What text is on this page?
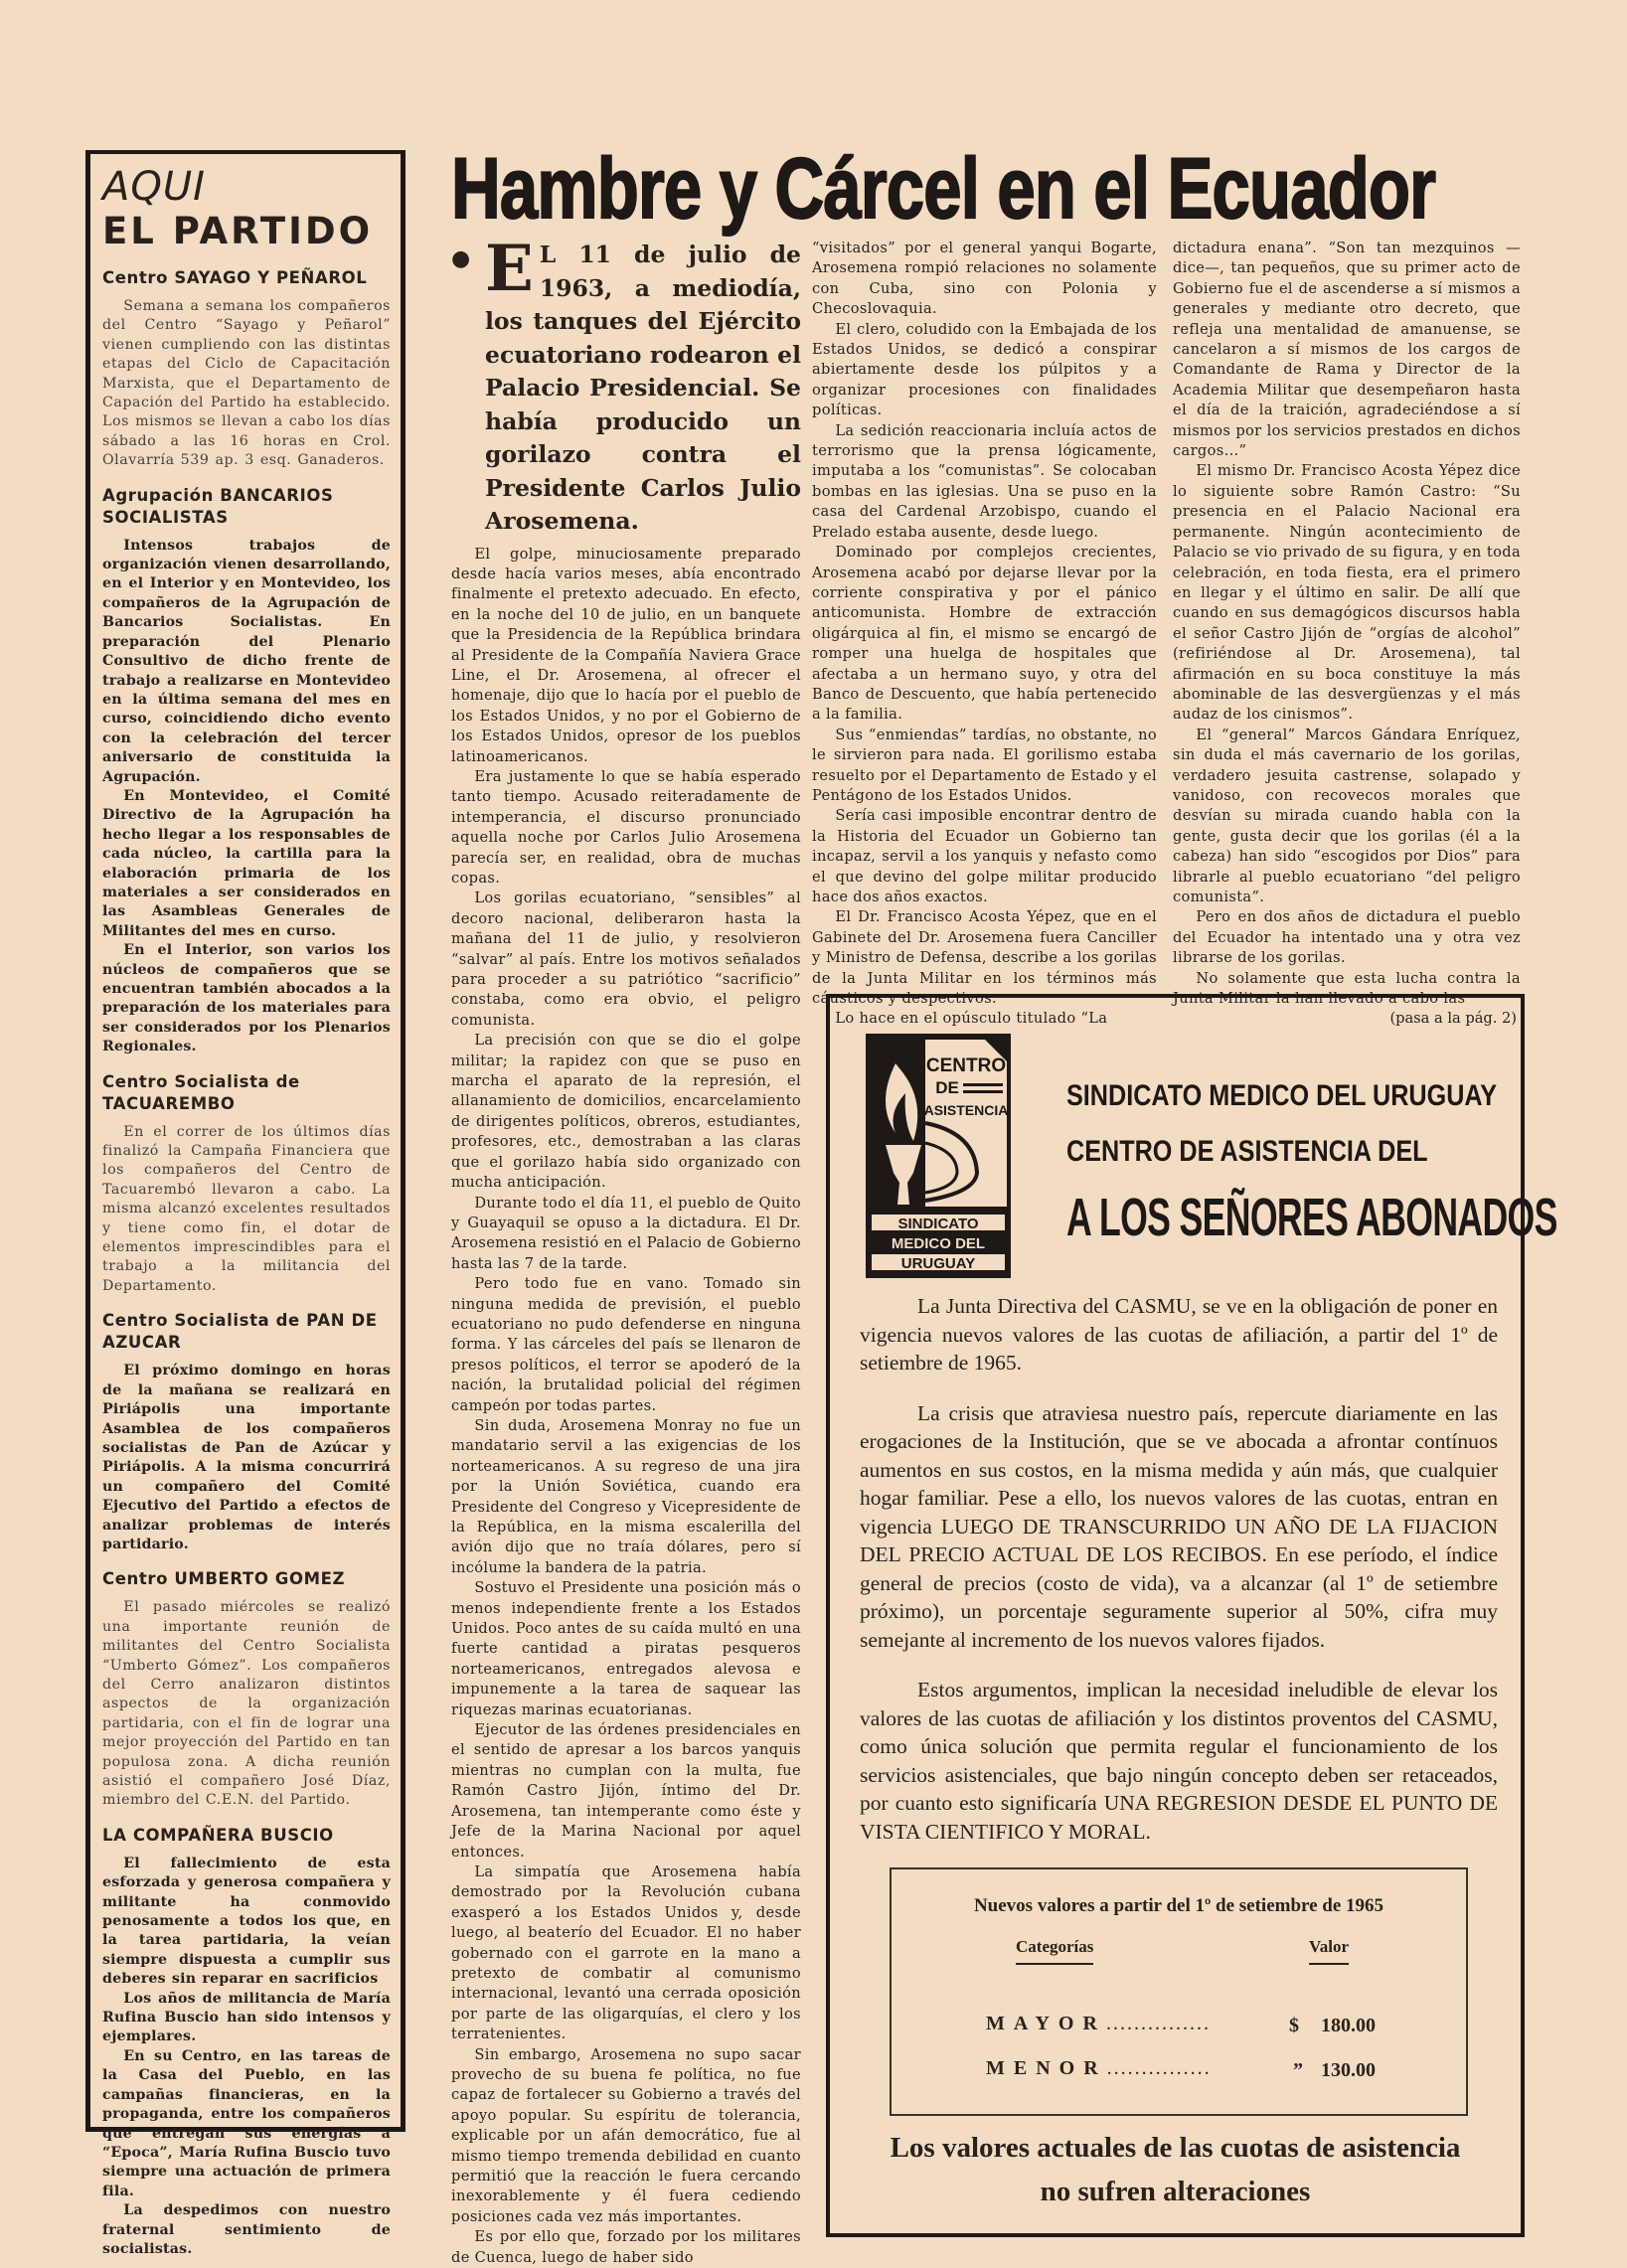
AQUI
EL PARTIDO
Centro SAYAGO Y PEÑAROL

Semana a semana los compañeros del Centro “Sayago y Peñarol” vienen cumpliendo con las distintas etapas del Ciclo de Capacitación Marxista, que el Departamento de Capación del Partido ha establecido. Los mismos se llevan a cabo los días sábado a las 16 horas en Crol. Olavarría 539 ap. 3 esq. Ganaderos.

Agrupación BANCARIOS SOCIALISTAS

Intensos trabajos de organización vienen desarrollando, en el Interior y en Montevideo, los compañeros de la Agrupación de Bancarios Socialistas. En preparación del Plenario Consultivo de dicho frente de trabajo a realizarse en Montevideo en la última semana del mes en curso, coincidiendo dicho evento con la celebración del tercer aniversario de constituida la Agrupación.

En Montevideo, el Comité Directivo de la Agrupación ha hecho llegar a los responsables de cada núcleo, la cartilla para la elaboración primaria de los materiales a ser considerados en las Asambleas Generales de Militantes del mes en curso.

En el Interior, son varios los núcleos de compañeros que se encuentran también abocados a la preparación de los materiales para ser considerados por los Plenarios Regionales.

Centro Socialista de TACUAREMBO

En el correr de los últimos días finalizó la Campaña Financiera que los compañeros del Centro de Tacuarembó llevaron a cabo. La misma alcanzó excelentes resultados y tiene como fin, el dotar de elementos imprescindibles para el trabajo a la militancia del Departamento.

Centro Socialista de PAN DE AZUCAR

El próximo domingo en horas de la mañana se realizará en Piriápolis una importante Asamblea de los compañeros socialistas de Pan de Azúcar y Piriápolis. A la misma concurrirá un compañero del Comité Ejecutivo del Partido a efectos de analizar problemas de interés partidario.

Centro UMBERTO GOMEZ

El pasado miércoles se realizó una importante reunión de militantes del Centro Socialista “Umberto Gómez”. Los compañeros del Cerro analizaron distintos aspectos de la organización partidaria, con el fin de lograr una mejor proyección del Partido en tan populosa zona. A dicha reunión asistió el compañero José Díaz, miembro del C.E.N. del Partido.

LA COMPAÑERA BUSCIO

El fallecimiento de esta esforzada y generosa compañera y militante ha conmovido penosamente a todos los que, en la tarea partidaria, la veían siempre dispuesta a cumplir sus deberes sin reparar en sacrificios

Los años de militancia de María Rufina Buscio han sido intensos y ejemplares.

En su Centro, en las tareas de la Casa del Pueblo, en las campañas financieras, en la propaganda, entre los compañeros que entregan sus energías a “Epoca”, María Rufina Buscio tuvo siempre una actuación de primera fila.

La despedimos con nuestro fraternal sentimiento de socialistas.

Hambre y Cárcel en el Ecuador
● E L 11 de julio de 1963, a mediodía, los tanques del Ejército ecuatoriano rodearon el Palacio Presidencial. Se había producido un gorilazo contra el Presidente Carlos Julio Arosemena.

El golpe, minuciosamente preparado desde hacía varios meses, abía encontrado finalmente el pretexto adecuado. En efecto, en la noche del 10 de julio, en un banquete que la Presidencia de la República brindara al Presidente de la Compañía Naviera Grace Line, el Dr. Arosemena, al ofrecer el homenaje, dijo que lo hacía por el pueblo de los Estados Unidos, y no por el Gobierno de los Estados Unidos, opresor de los pueblos latinoamericanos.

Era justamente lo que se había esperado tanto tiempo. Acusado reiteradamente de intemperancia, el discurso pronunciado aquella noche por Carlos Julio Arosemena parecía ser, en realidad, obra de muchas copas.

Los gorilas ecuatoriano, “sensibles” al decoro nacional, deliberaron hasta la mañana del 11 de julio, y resolvieron “salvar” al país. Entre los motivos señalados para proceder a su patriótico “sacrificio” constaba, como era obvio, el peligro comunista.

La precisión con que se dio el golpe militar; la rapidez con que se puso en marcha el aparato de la represión, el allanamiento de domicilios, encarcelamiento de dirigentes políticos, obreros, estudiantes, profesores, etc., demostraban a las claras que el gorilazo había sido organizado con mucha anticipación.

Durante todo el día 11, el pueblo de Quito y Guayaquil se opuso a la dictadura. El Dr. Arosemena resistió en el Palacio de Gobierno hasta las 7 de la tarde.

Pero todo fue en vano. Tomado sin ninguna medida de previsión, el pueblo ecuatoriano no pudo defenderse en ninguna forma. Y las cárceles del país se llenaron de presos políticos, el terror se apoderó de la nación, la brutalidad policial del régimen campeón por todas partes.

Sin duda, Arosemena Monray no fue un mandatario servil a las exigencias de los norteamericanos. A su regreso de una jira por la Unión Soviética, cuando era Presidente del Congreso y Vicepresidente de la República, en la misma escalerilla del avión dijo que no traía dólares, pero sí incólume la bandera de la patria.

Sostuvo el Presidente una posición más o menos independiente frente a los Estados Unidos. Poco antes de su caída multó en una fuerte cantidad a piratas pesqueros norteamericanos, entregados alevosa e impunemente a la tarea de saquear las riquezas marinas ecuatorianas.

Ejecutor de las órdenes presidenciales en el sentido de apresar a los barcos yanquis mientras no cumplan con la multa, fue Ramón Castro Jijón, íntimo del Dr. Arosemena, tan intemperante como éste y Jefe de la Marina Nacional por aquel entonces.

La simpatía que Arosemena había demostrado por la Revolución cubana exasperó a los Estados Unidos y, desde luego, al beaterío del Ecuador. El no haber gobernado con el garrote en la mano a pretexto de combatir al comunismo internacional, levantó una cerrada oposición por parte de las oligarquías, el clero y los terratenientes.

Sin embargo, Arosemena no supo sacar provecho de su buena fe política, no fue capaz de fortalecer su Gobierno a través del apoyo popular. Su espíritu de tolerancia, explicable por un afán democrático, fue al mismo tiempo tremenda debilidad en cuanto permitió que la reacción le fuera cercando inexorablemente y él fuera cediendo posiciones cada vez más importantes.

Es por ello que, forzado por los militares de Cuenca, luego de haber sido

“visitados” por el general yanqui Bogarte, Arosemena rompió relaciones no solamente con Cuba, sino con Polonia y Checoslovaquia.

El clero, coludido con la Embajada de los Estados Unidos, se dedicó a conspirar abiertamente desde los púlpitos y a organizar procesiones con finalidades políticas.

La sedición reaccionaria incluía actos de terrorismo que la prensa lógicamente, imputaba a los “comunistas”. Se colocaban bombas en las iglesias. Una se puso en la casa del Cardenal Arzobispo, cuando el Prelado estaba ausente, desde luego.

Dominado por complejos crecientes, Arosemena acabó por dejarse llevar por la corriente conspirativa y por el pánico anticomunista. Hombre de extracción oligárquica al fin, el mismo se encargó de romper una huelga de hospitales que afectaba a un hermano suyo, y otra del Banco de Descuento, que había pertenecido a la familia.

Sus “enmiendas” tardías, no obstante, no le sirvieron para nada. El gorilismo estaba resuelto por el Departamento de Estado y el Pentágono de los Estados Unidos.

Sería casi imposible encontrar dentro de la Historia del Ecuador un Gobierno tan incapaz, servil a los yanquis y nefasto como el que devino del golpe militar producido hace dos años exactos.

El Dr. Francisco Acosta Yépez, que en el Gabinete del Dr. Arosemena fuera Canciller y Ministro de Defensa, describe a los gorilas de la Junta Militar en los términos más cáusticos y despectivos.

Lo hace en el opúsculo titulado “La

dictadura enana”. “Son tan mezquinos —dice—, tan pequeños, que su primer acto de Gobierno fue el de ascenderse a sí mismos a generales y mediante otro decreto, que refleja una mentalidad de amanuense, se cancelaron a sí mismos de los cargos de Comandante de Rama y Director de la Academia Militar que desempeñaron hasta el día de la traición, agradeciéndose a sí mismos por los servicios prestados en dichos cargos…”

El mismo Dr. Francisco Acosta Yépez dice lo siguiente sobre Ramón Castro: “Su presencia en el Palacio Nacional era permanente. Ningún acontecimiento de Palacio se vio privado de su figura, y en toda celebración, en toda fiesta, era el primero en llegar y el último en salir. De allí que cuando en sus demagógicos discursos habla el señor Castro Jijón de “orgías de alcohol” (refiriéndose al Dr. Arosemena), tal afirmación en su boca constituye la más abominable de las desvergüenzas y el más audaz de los cinismos”.

El “general” Marcos Gándara Enríquez, sin duda el más cavernario de los gorilas, verdadero jesuita castrense, solapado y vanidoso, con recovecos morales que desvían su mirada cuando habla con la gente, gusta decir que los gorilas (él a la cabeza) han sido “escogidos por Dios” para librarle al pueblo ecuatoriano “del peligro comunista”.

Pero en dos años de dictadura el pueblo del Ecuador ha intentado una y otra vez librarse de los gorilas.

No solamente que esta lucha contra la Junta Militar la han llevado a cabo las

(pasa a la pág. 2)
CENTRO
DE
ASISTENCIA
SINDICATO
MEDICO DEL
URUGUAY
SINDICATO MEDICO DEL URUGUAY
CENTRO DE ASISTENCIA DEL
A LOS SEÑORES ABONADOS

La Junta Directiva del CASMU, se ve en la obligación de poner en vigencia nuevos valores de las cuotas de afiliación, a partir del 1º de setiembre de 1965.

La crisis que atraviesa nuestro país, repercute diariamente en las erogaciones de la Institución, que se ve abocada a afrontar contínuos aumentos en sus costos, en la misma medida y aún más, que cualquier hogar familiar. Pese a ello, los nuevos valores de las cuotas, entran en vigencia LUEGO DE TRANSCURRIDO UN AÑO DE LA FIJACION DEL PRECIO ACTUAL DE LOS RECIBOS. En ese período, el índice general de precios (costo de vida), va a alcanzar (al 1º de setiembre próximo), un porcentaje seguramente superior al 50%, cifra muy semejante al incremento de los nuevos valores fijados.

Estos argumentos, implican la necesidad ineludible de elevar los valores de las cuotas de afiliación y los distintos proventos del CASMU, como única solución que permita regular el funcionamiento de los servicios asistenciales, que bajo ningún concepto deben ser retaceados, por cuanto esto significaría UNA REGRESION DESDE EL PUNTO DE VISTA CIENTIFICO Y MORAL.

Nuevos valores a partir del 1º de setiembre de 1965
Categorías	Valor
MAYOR...............	$ 180.00
MENOR...............	” 130.00
Los valores actuales de las cuotas de asistencia
no sufren alteraciones
